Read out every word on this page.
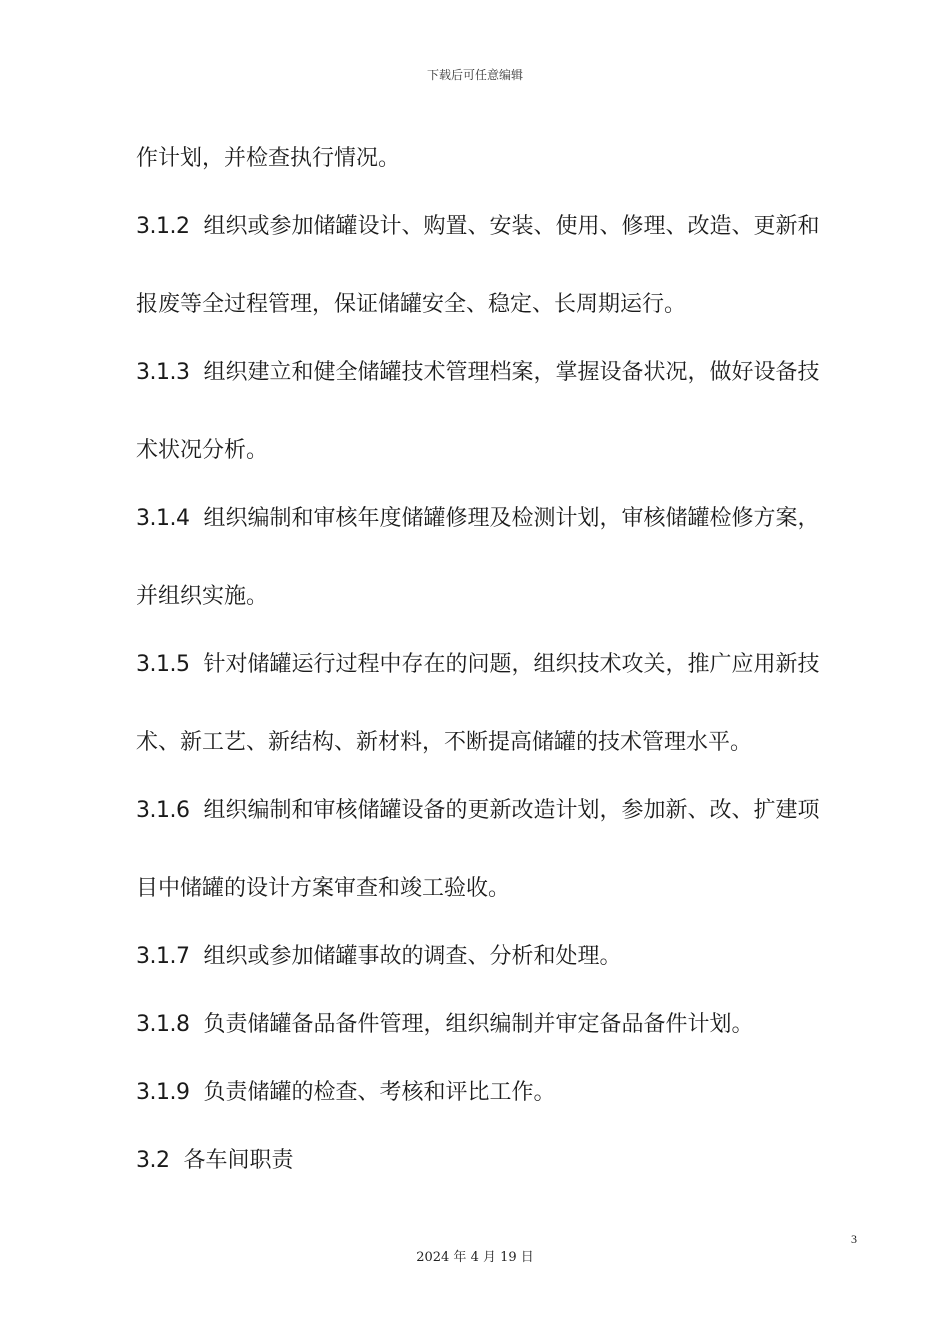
下载后可任意编辑
作计划，并检查执行情况。
3.1.2 组织或参加储罐设计、购置、安装、使用、修理、改造、更新和
报废等全过程管理，保证储罐安全、稳定、长周期运行。
3.1.3 组织建立和健全储罐技术管理档案，掌握设备状况，做好设备技
术状况分析。
3.1.4 组织编制和审核年度储罐修理及检测计划，审核储罐检修方案，
并组织实施。
3.1.5 针对储罐运行过程中存在的问题，组织技术攻关，推广应用新技
术、新工艺、新结构、新材料，不断提高储罐的技术管理水平。
3.1.6 组织编制和审核储罐设备的更新改造计划，参加新、改、扩建项
目中储罐的设计方案审查和竣工验收。
3.1.7 组织或参加储罐事故的调查、分析和处理。
3.1.8 负责储罐备品备件管理，组织编制并审定备品备件计划。
3.1.9 负责储罐的检查、考核和评比工作。
3.2 各车间职责
3
2024 年 4 月 19 日
